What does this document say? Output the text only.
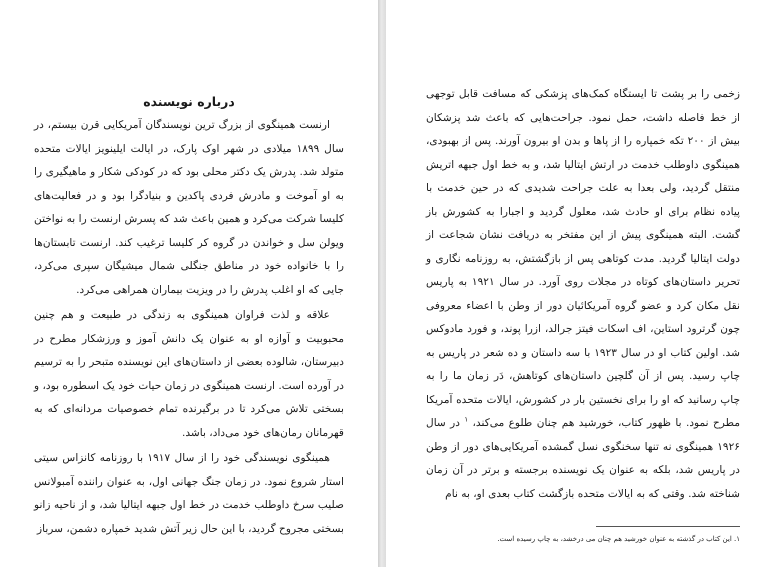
درباره نویسنده

ارنست همینگوی از بزرگ ترین نویسندگان آمریکایی قرن بیستم، در سال ۱۸۹۹ میلادی در شهر اوک پارک، در ایالت ایلینویز ایالات متحده متولد شد. پدرش یک دکتر محلی بود که در کودکی شکار و ماهیگیری را به او آموخت و مادرش فردی پاکدین و بنیادگرا بود و در فعالیت‌های کلیسا شرکت می‌کرد و همین باعث شد که پسرش ارنست را به نواختن ویولن سل و خواندن در گروه کر کلیسا ترغیب کند. ارنست تابستان‌ها را با خانواده خود در مناطق جنگلی شمال میشیگان سپری می‌کرد، جایی که او اغلب پدرش را در ویزیت بیماران همراهی می‌کرد.

علاقه و لذت فراوان همینگوی به زندگی در طبیعت و هم چنین محبوبیت و آوازه او به عنوان یک دانش آموز و ورزشکار مطرح در دبیرستان، شالوده بعضی از داستان‌های این نویسنده متبحر را به ترسیم در آورده است. ارنست همینگوی در زمان حیات خود یک اسطوره بود، و بسختی تلاش می‌کرد تا در برگیرنده تمام خصوصیات مردانه‌ای که به قهرمانان رمان‌های خود می‌داد، باشد.

همینگوی نویسندگی خود را از سال ۱۹۱۷ با روزنامه کانزاس سیتی استار شروع نمود. در زمان جنگ جهانی اول، به عنوان راننده آمبولانس صلیب سرخ داوطلب خدمت در خط اول جبهه ایتالیا شد، و از ناحیه زانو بسختی مجروح گردید، با این حال زیر آتش شدید خمپاره دشمن، سرباز

زخمی را بر پشت تا ایستگاه کمک‌های پزشکی که مسافت قابل توجهی از خط فاصله داشت، حمل نمود. جراحت‌هایی که باعث شد پزشکان بیش از ۲۰۰ تکه خمپاره را از پاها و بدن او بیرون آورند. پس از بهبودی، همینگوی داوطلب خدمت در ارتش ایتالیا شد، و به خط اول جبهه اتریش منتقل گردید، ولی بعدا به علت جراحت شدیدی که در حین خدمت با پیاده نظام برای او حادث شد، معلول گردید و اجبارا به کشورش باز گشت. البته همینگوی پیش از این مفتخر به دریافت نشان شجاعت از دولت ایتالیا گردید. مدت کوتاهی پس از بازگشتش، به روزنامه نگاری و تحریر داستان‌های کوتاه در مجلات روی آورد. در سال ۱۹۲۱ به پاریس نقل مکان کرد و عضو گروه آمریکائیان دور از وطن با اعضاء معروفی چون گرترود استاین، اف اسکات فیتز جرالد، ازرا پوند، و فورد مادوکس شد. اولین کتاب او در سال ۱۹۲۳ با سه داستان و ده شعر در پاریس به چاپ رسید. پس از آن گلچین داستان‌های کوتاهش، دَر زمان ما را به چاپ رسانید که او را برای نخستین بار در کشورش، ایالات متحده آمریکا مطرح نمود. با ظهور کتاب، خورشید هم چنان طلوع می‌کند، $^۱$ در سال ۱۹۲۶ همینگوی نه تنها سخنگوی نسل گمشده آمریکایی‌های دور از وطن در پاریس شد، بلکه به عنوان یک نویسنده برجسته و برتر در آن زمان شناخته شد. وقتی که به ایالات متحده بازگشت کتاب بعدی او، به نام

۱. این کتاب در گذشته به عنوان خورشید هم چنان می درخشد، به چاپ رسیده است.
